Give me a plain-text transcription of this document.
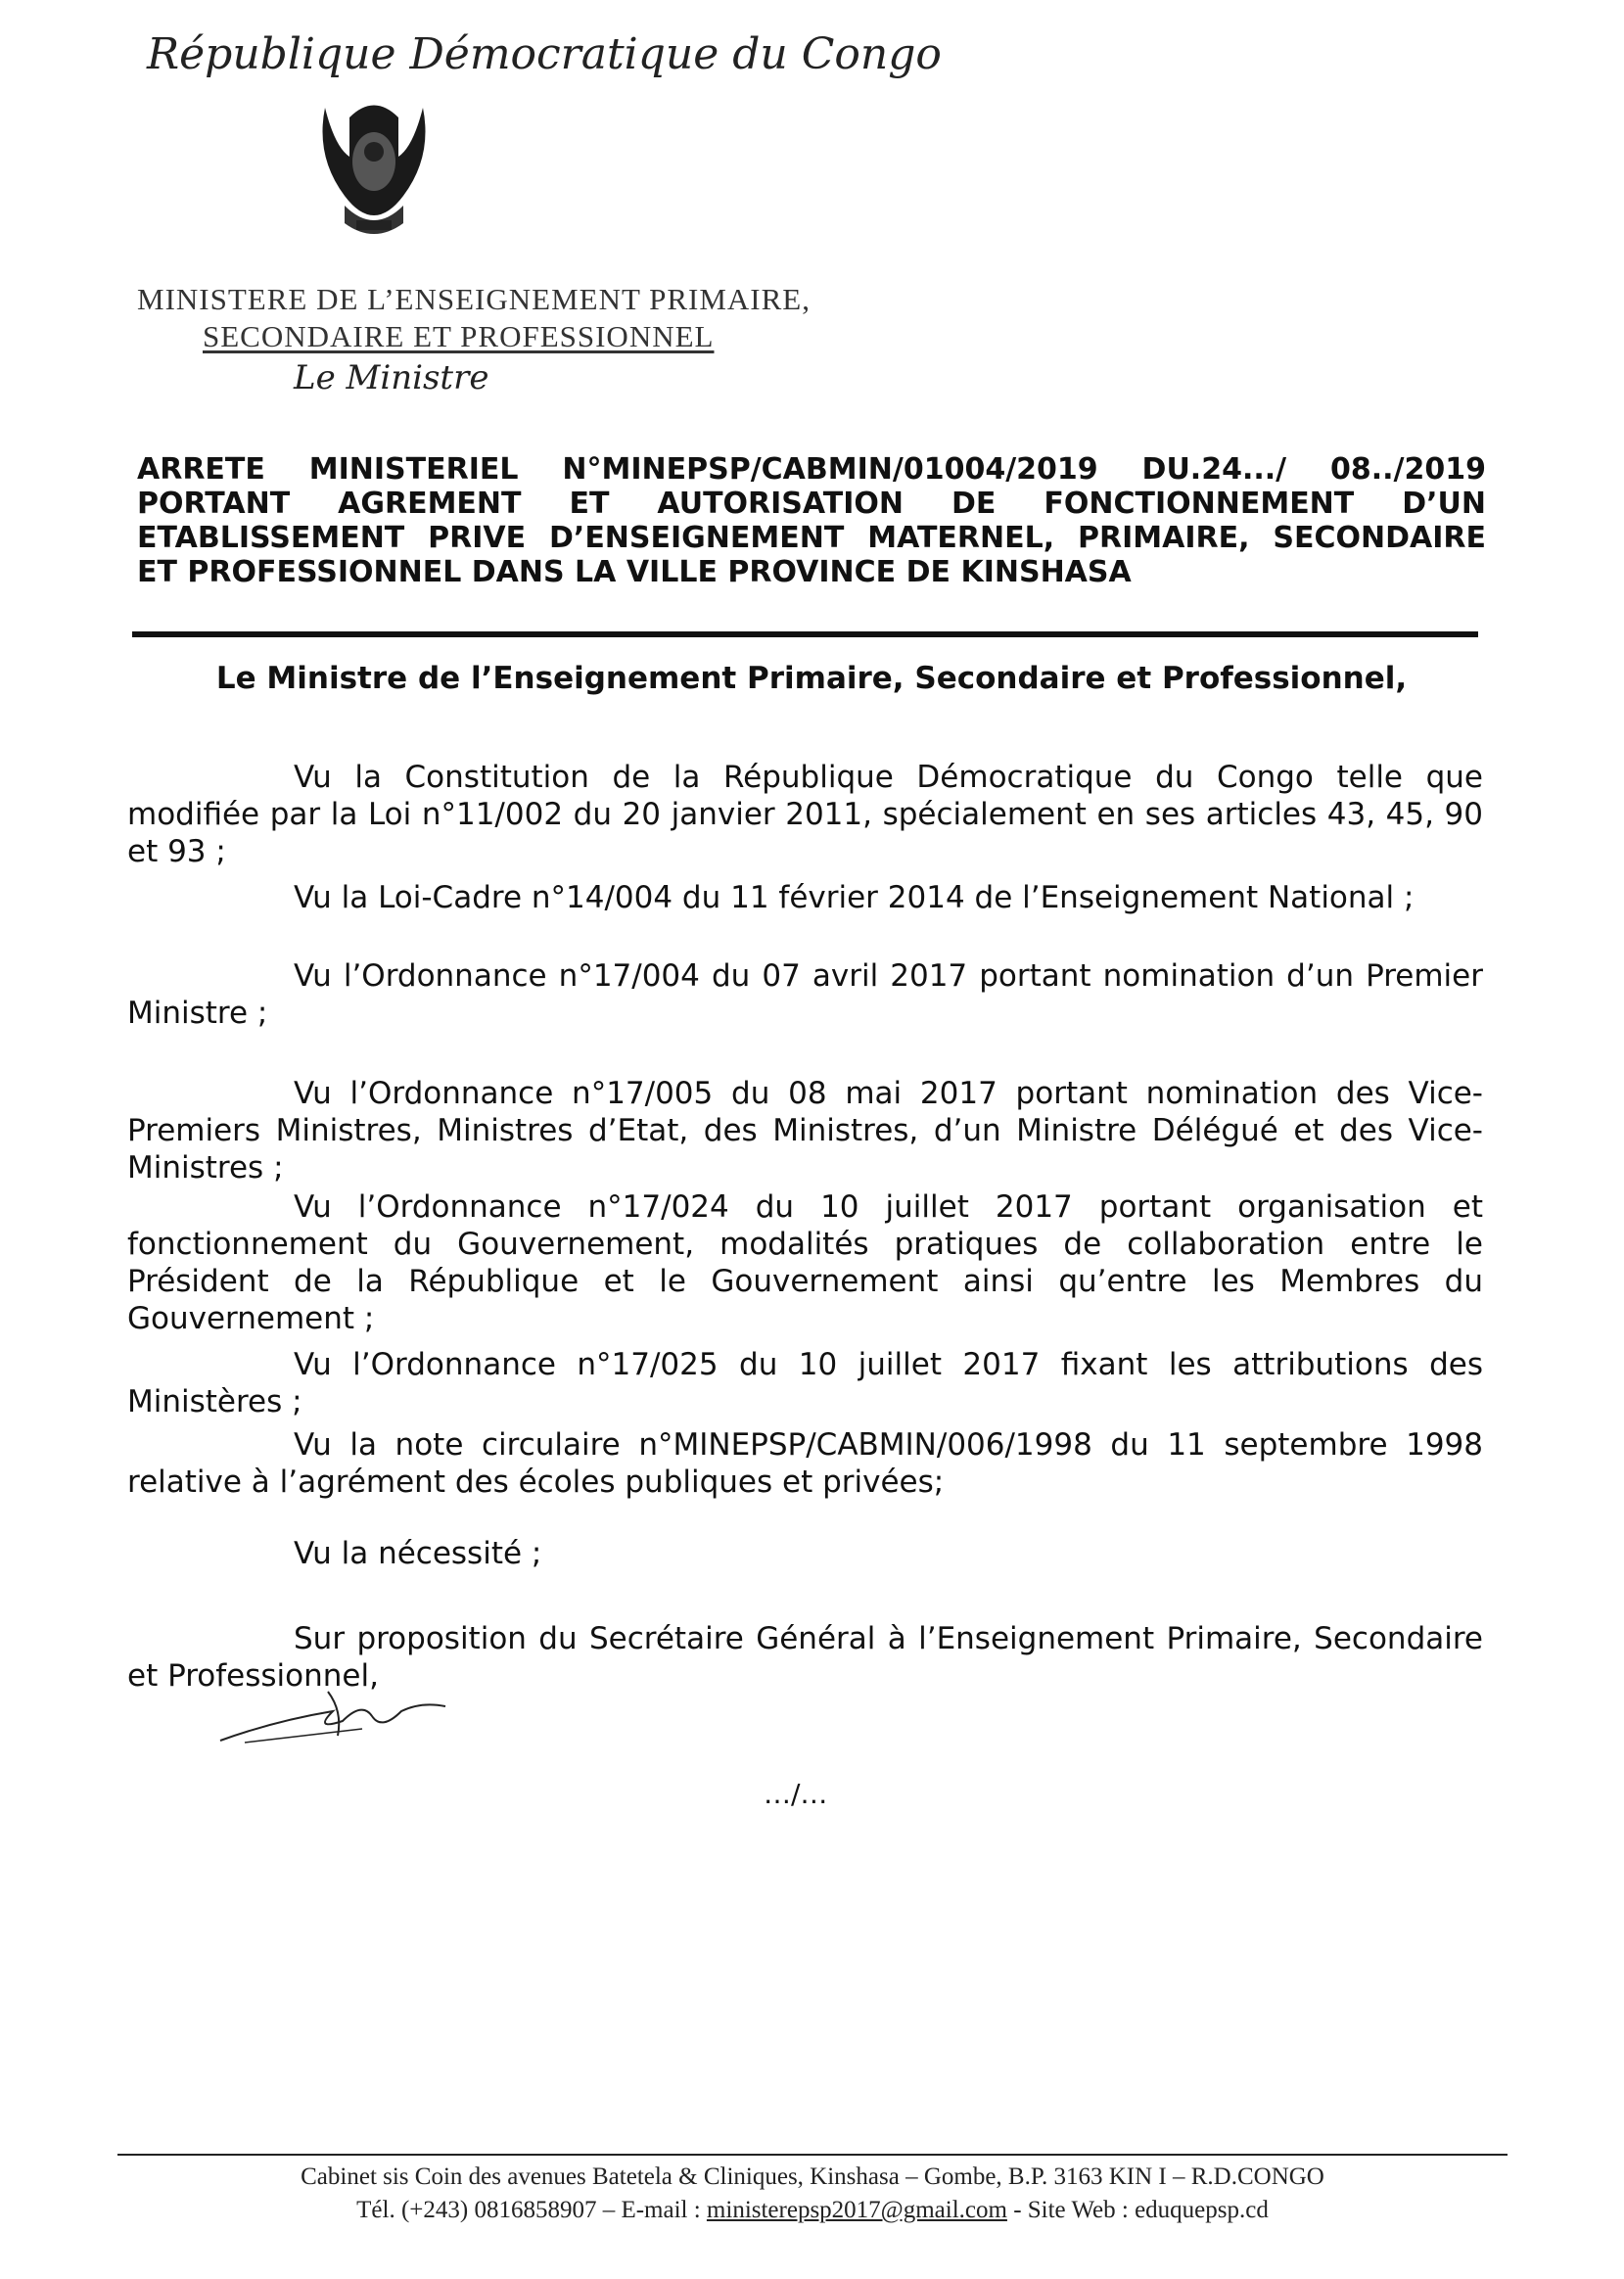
République Démocratique du Congo
MINISTERE DE L’ENSEIGNEMENT PRIMAIRE,
SECONDAIRE ET PROFESSIONNEL
Le Ministre
ARRETE MINISTERIEL N°MINEPSP/CABMIN/01004/2019 DU.24.../ 08../2019
PORTANT AGREMENT ET AUTORISATION DE FONCTIONNEMENT D’UN
ETABLISSEMENT PRIVE D’ENSEIGNEMENT MATERNEL, PRIMAIRE, SECONDAIRE
ET PROFESSIONNEL DANS LA VILLE PROVINCE DE KINSHASA
Le Ministre de l’Enseignement Primaire, Secondaire et Professionnel,
Vu la Constitution de la République Démocratique du Congo telle que modifiée par la Loi n°11/002 du 20 janvier 2011, spécialement en ses articles 43, 45, 90 et 93 ;
Vu la Loi-Cadre n°14/004 du 11 février 2014 de l’Enseignement National ;
Vu l’Ordonnance n°17/004 du 07 avril 2017 portant nomination d’un Premier Ministre ;
Vu l’Ordonnance n°17/005 du 08 mai 2017 portant nomination des Vice-Premiers Ministres, Ministres d’Etat, des Ministres, d’un Ministre Délégué et des Vice-Ministres ;
Vu l’Ordonnance n°17/024 du 10 juillet 2017 portant organisation et fonctionnement du Gouvernement, modalités pratiques de collaboration entre le Président de la République et le Gouvernement ainsi qu’entre les Membres du Gouvernement ;
Vu l’Ordonnance n°17/025 du 10 juillet 2017 fixant les attributions des Ministères ;
Vu la note circulaire n°MINEPSP/CABMIN/006/1998 du 11 septembre 1998 relative à l’agrément des écoles publiques et privées;
Vu la nécessité ;
Sur proposition du Secrétaire Général à l’Enseignement Primaire, Secondaire et Professionnel,
…/…
Cabinet sis Coin des avenues Batetela & Cliniques, Kinshasa – Gombe, B.P. 3163 KIN I – R.D.CONGO
Tél. (+243) 0816858907 – E-mail : ministerepsp2017@gmail.com - Site Web : eduquepsp.cd
